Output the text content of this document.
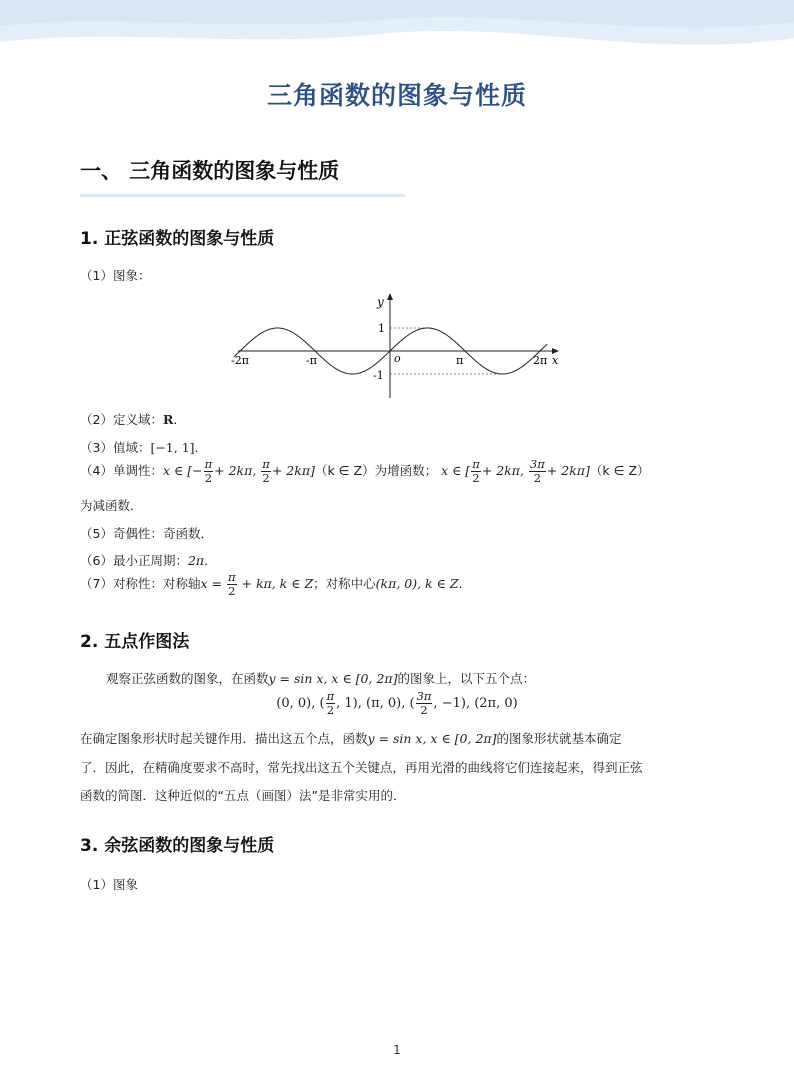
三角函数的图象与性质
一、 三角函数的图象与性质
1. 正弦函数的图象与性质
（1）图象：
y
x
o
1
-1
-2π	-π	π	2π
（2）定义域：R.
（3）值域：[−1, 1].
（4）单调性：x ∈ [− $\frac{\pi}{2} + 2k\pi$, $\frac{\pi}{2} + 2k\pi](k$ ∈ Z）为增函数； x ∈ [ $\frac{\pi}{2} + 2k\pi$, $\frac{3\pi}{2} + 2k\pi](k$ ∈ Z）
为减函数．
（5）奇偶性：奇函数．
（6）最小正周期：2π.
（7）对称性：对称轴$x = \frac{\pi}{2} + k\pi$, k ∈ Z；对称中心(kπ, 0), k ∈ Z.
2. 五点作图法
观察正弦函数的图象，在函数y = sin x, x ∈ [0, 2π]的图象上，以下五个点：
(0, 0), ( $\frac{\pi}{2}$ , 1), (π, 0), ( $\frac{3\pi}{2}$ , −1), (2π, 0)
在确定图象形状时起关键作用．描出这五个点，函数y = sin x, x ∈ [0, 2π]的图象形状就基本确定
了．因此，在精确度要求不高时，常先找出这五个关键点，再用光滑的曲线将它们连接起来，得到正弦
函数的简图．这种近似的“五点（画图）法”是非常实用的．
3. 余弦函数的图象与性质
（1）图象
1
